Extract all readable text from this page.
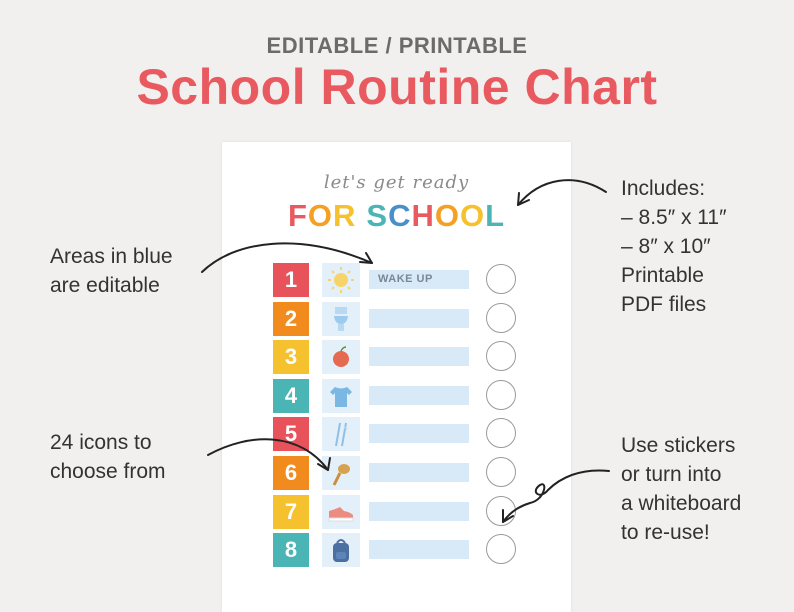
EDITABLE / PRINTABLE
School Routine Chart
let's get ready
FOR SCHOOL
1	WAKE UP
2
3
4
5
6
7
8
Includes:
– 8.5″ x 11″
– 8″ x 10″
Printable
PDF files
Areas in blue
are editable
24 icons to
choose from
Use stickers
or turn into
a whiteboard
to re-use!
